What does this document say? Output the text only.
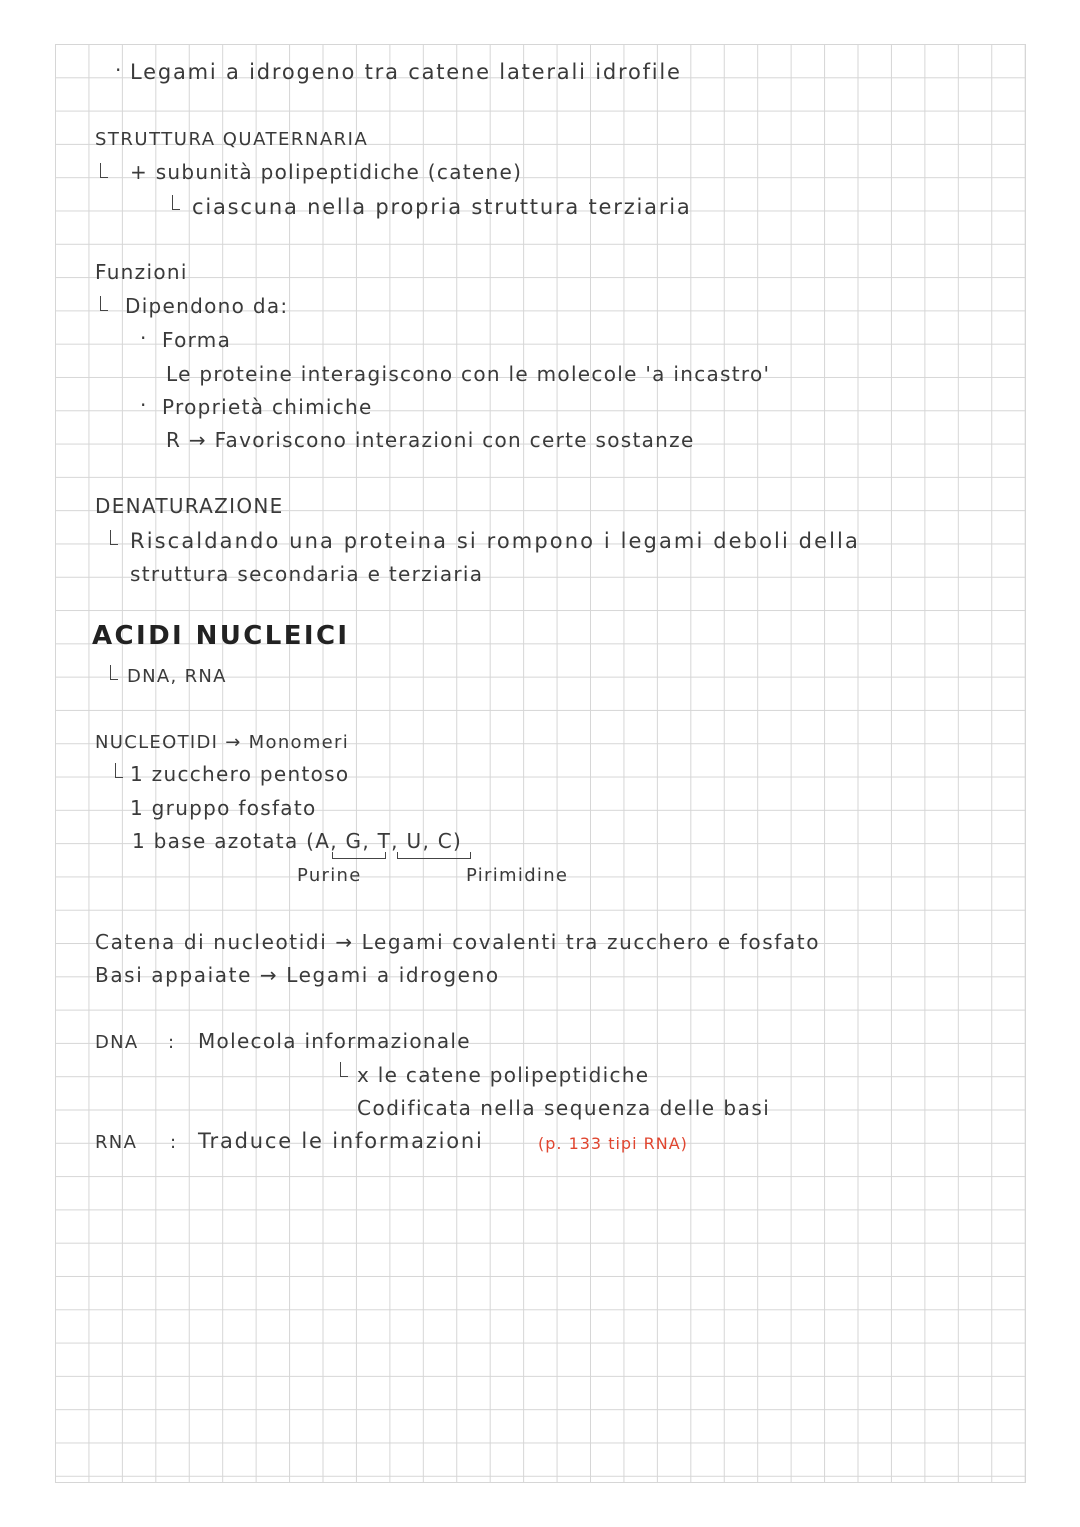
· Legami a idrogeno tra catene laterali idrofile
STRUTTURA QUATERNARIA
+ subunità polipeptidiche (catene)
ciascuna nella propria struttura terziaria
Funzioni
Dipendono da:
· Forma
Le proteine interagiscono con le molecole 'a incastro'
· Proprietà chimiche
R → Favoriscono interazioni con certe sostanze
DENATURAZIONE
Riscaldando una proteina si rompono i legami deboli della
struttura secondaria e terziaria
ACIDI NUCLEICI
DNA, RNA
NUCLEOTIDI → Monomeri
1 zucchero pentoso
1 gruppo fosfato
1 base azotata (A, G, T, U, C)
Purine	Pirimidine
Catena di nucleotidi → Legami covalenti tra zucchero e fosfato
Basi appaiate → Legami a idrogeno
DNA : Molecola informazionale
x le catene polipeptidiche
Codificata nella sequenza delle basi
RNA : Traduce le informazioni	(p. 133 tipi RNA)
